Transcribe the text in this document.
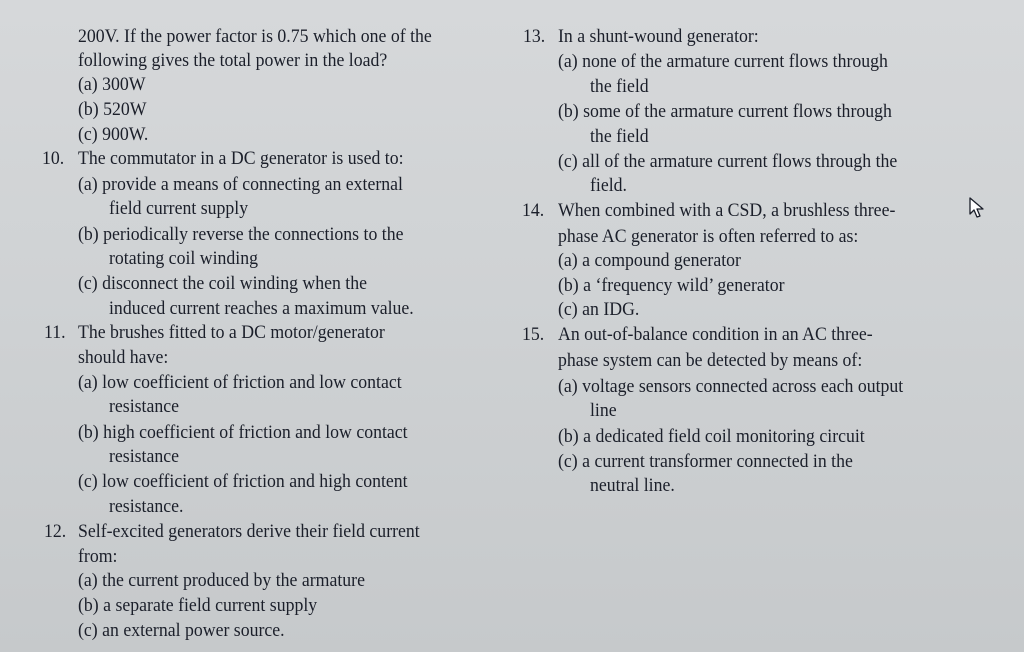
200V. If the power factor is 0.75 which one of the
following gives the total power in the load?
(a) 300W
(b) 520W
(c) 900W.
10. The commutator in a DC generator is used to:
(a) provide a means of connecting an external
field current supply
(b) periodically reverse the connections to the
rotating coil winding
(c) disconnect the coil winding when the
induced current reaches a maximum value.
11. The brushes fitted to a DC motor/generator
should have:
(a) low coefficient of friction and low contact
resistance
(b) high coefficient of friction and low contact
resistance
(c) low coefficient of friction and high content
resistance.
12. Self-excited generators derive their field current
from:
(a) the current produced by the armature
(b) a separate field current supply
(c) an external power source.
13. In a shunt-wound generator:
(a) none of the armature current flows through
the field
(b) some of the armature current flows through
the field
(c) all of the armature current flows through the
field.
14. When combined with a CSD, a brushless three-
phase AC generator is often referred to as:
(a) a compound generator
(b) a ‘frequency wild’ generator
(c) an IDG.
15. An out-of-balance condition in an AC three-
phase system can be detected by means of:
(a) voltage sensors connected across each output
line
(b) a dedicated field coil monitoring circuit
(c) a current transformer connected in the
neutral line.
